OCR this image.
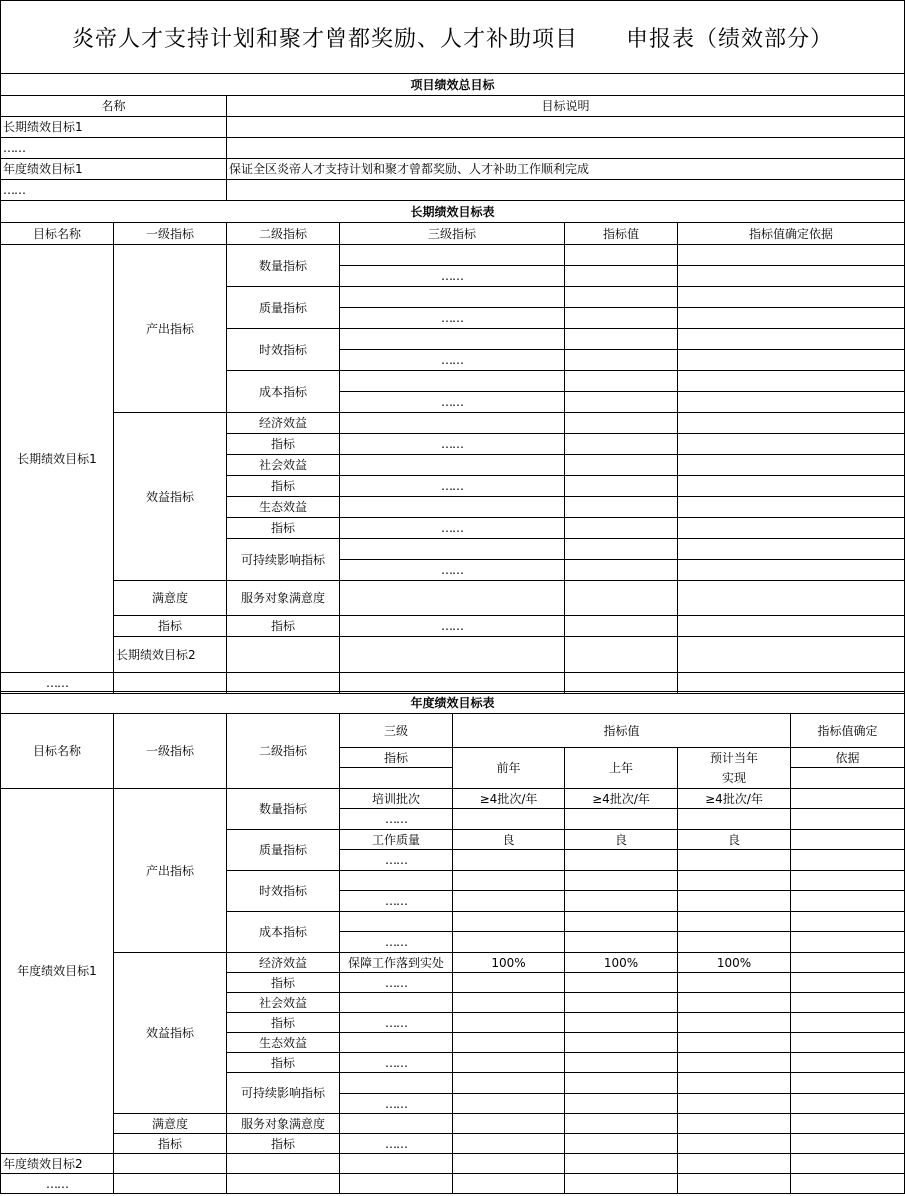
炎帝人才支持计划和聚才曾都奖励、人才补助项目
申报表（绩效部分）
项目绩效总目标	
名称	目标说明
长期绩效目标1	
……	
年度绩效目标1	保证全区炎帝人才支持计划和聚才曾都奖励、人才补助工作顺利完成
……	
长期绩效目标表						
目标名称	一级指标	二级指标	三级指标	指标值	指标值确定依据	
长期绩效目标1	产出指标	数量指标				
			……			
		质量指标				
			……			
		时效指标				
			……			
		成本指标				
			……			
	效益指标	经济效益				
		指标	……			
		社会效益				
		指标	……			
		生态效益				
		指标	……			
		可持续影响指标				
			……			
	满意度	服务对象满意度				
	指标	指标	……			
	长期绩效目标2					
……						
年度绩效目标表							
目标名称	一级指标	二级指标	三级	指标值			指标值确定
			指标	前年	上年	预计当年	依据
						实现	
年度绩效目标1	产出指标	数量指标	培训批次	≥4批次/年	≥4批次/年	≥4批次/年	
			……				
		质量指标	工作质量	良	良	良	
			……				
		时效指标					
			……				
		成本指标					
			……				
	效益指标	经济效益	保障工作落到实处	100%	100%	100%	
		指标	……				
		社会效益					
		指标	……				
		生态效益					
		指标	……				
		可持续影响指标					
			……				
	满意度	服务对象满意度					
	指标	指标	……				
年度绩效目标2							
……							
